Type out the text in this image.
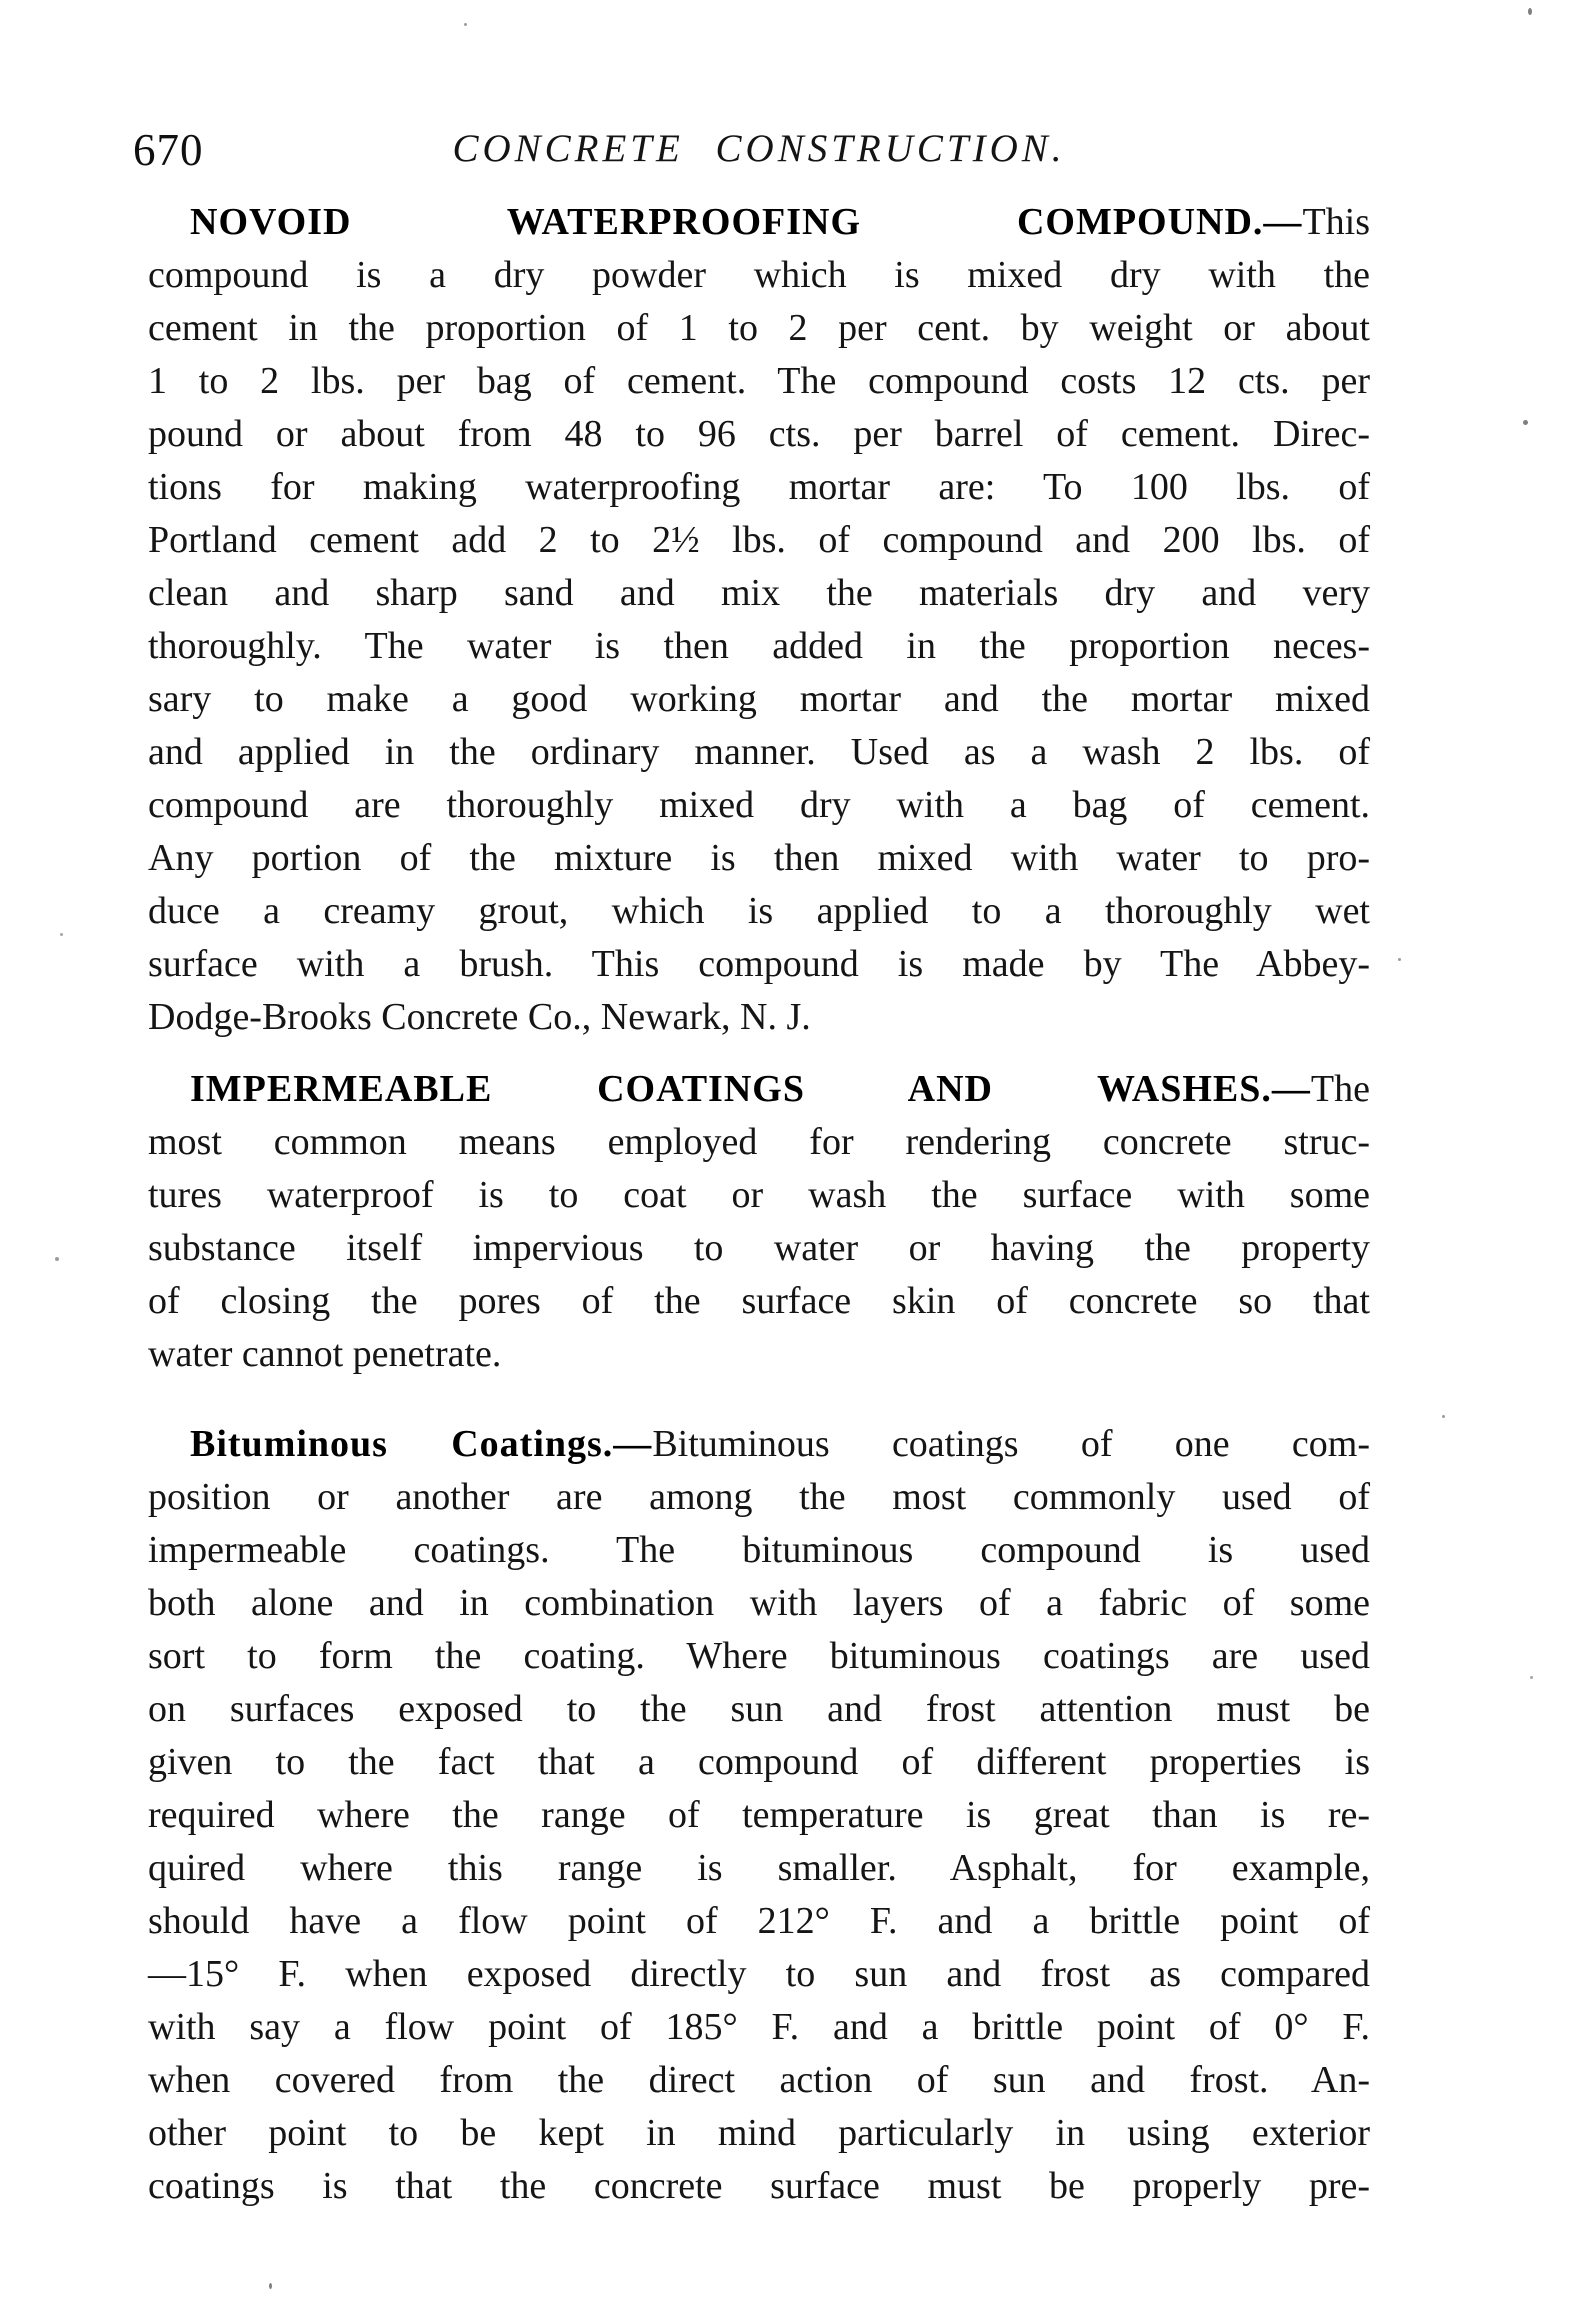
670	CONCRETE CONSTRUCTION.
NOVOID WATERPROOFING COMPOUND.—This
compound is a dry powder which is mixed dry with the
cement in the proportion of 1 to 2 per cent. by weight or about
1 to 2 lbs. per bag of cement. The compound costs 12 cts. per
pound or about from 48 to 96 cts. per barrel of cement. Direc-
tions for making waterproofing mortar are: To 100 lbs. of
Portland cement add 2 to 2½ lbs. of compound and 200 lbs. of
clean and sharp sand and mix the materials dry and very
thoroughly. The water is then added in the proportion neces-
sary to make a good working mortar and the mortar mixed
and applied in the ordinary manner. Used as a wash 2 lbs. of
compound are thoroughly mixed dry with a bag of cement.
Any portion of the mixture is then mixed with water to pro-
duce a creamy grout, which is applied to a thoroughly wet
surface with a brush. This compound is made by The Abbey-
Dodge-Brooks Concrete Co., Newark, N. J.
IMPERMEABLE COATINGS AND WASHES.—The
most common means employed for rendering concrete struc-
tures waterproof is to coat or wash the surface with some
substance itself impervious to water or having the property
of closing the pores of the surface skin of concrete so that
water cannot penetrate.
Bituminous Coatings.—Bituminous coatings of one com-
position or another are among the most commonly used of
impermeable coatings. The bituminous compound is used
both alone and in combination with layers of a fabric of some
sort to form the coating. Where bituminous coatings are used
on surfaces exposed to the sun and frost attention must be
given to the fact that a compound of different properties is
required where the range of temperature is great than is re-
quired where this range is smaller. Asphalt, for example,
should have a flow point of 212° F. and a brittle point of
—15° F. when exposed directly to sun and frost as compared
with say a flow point of 185° F. and a brittle point of 0° F.
when covered from the direct action of sun and frost. An-
other point to be kept in mind particularly in using exterior
coatings is that the concrete surface must be properly pre-
